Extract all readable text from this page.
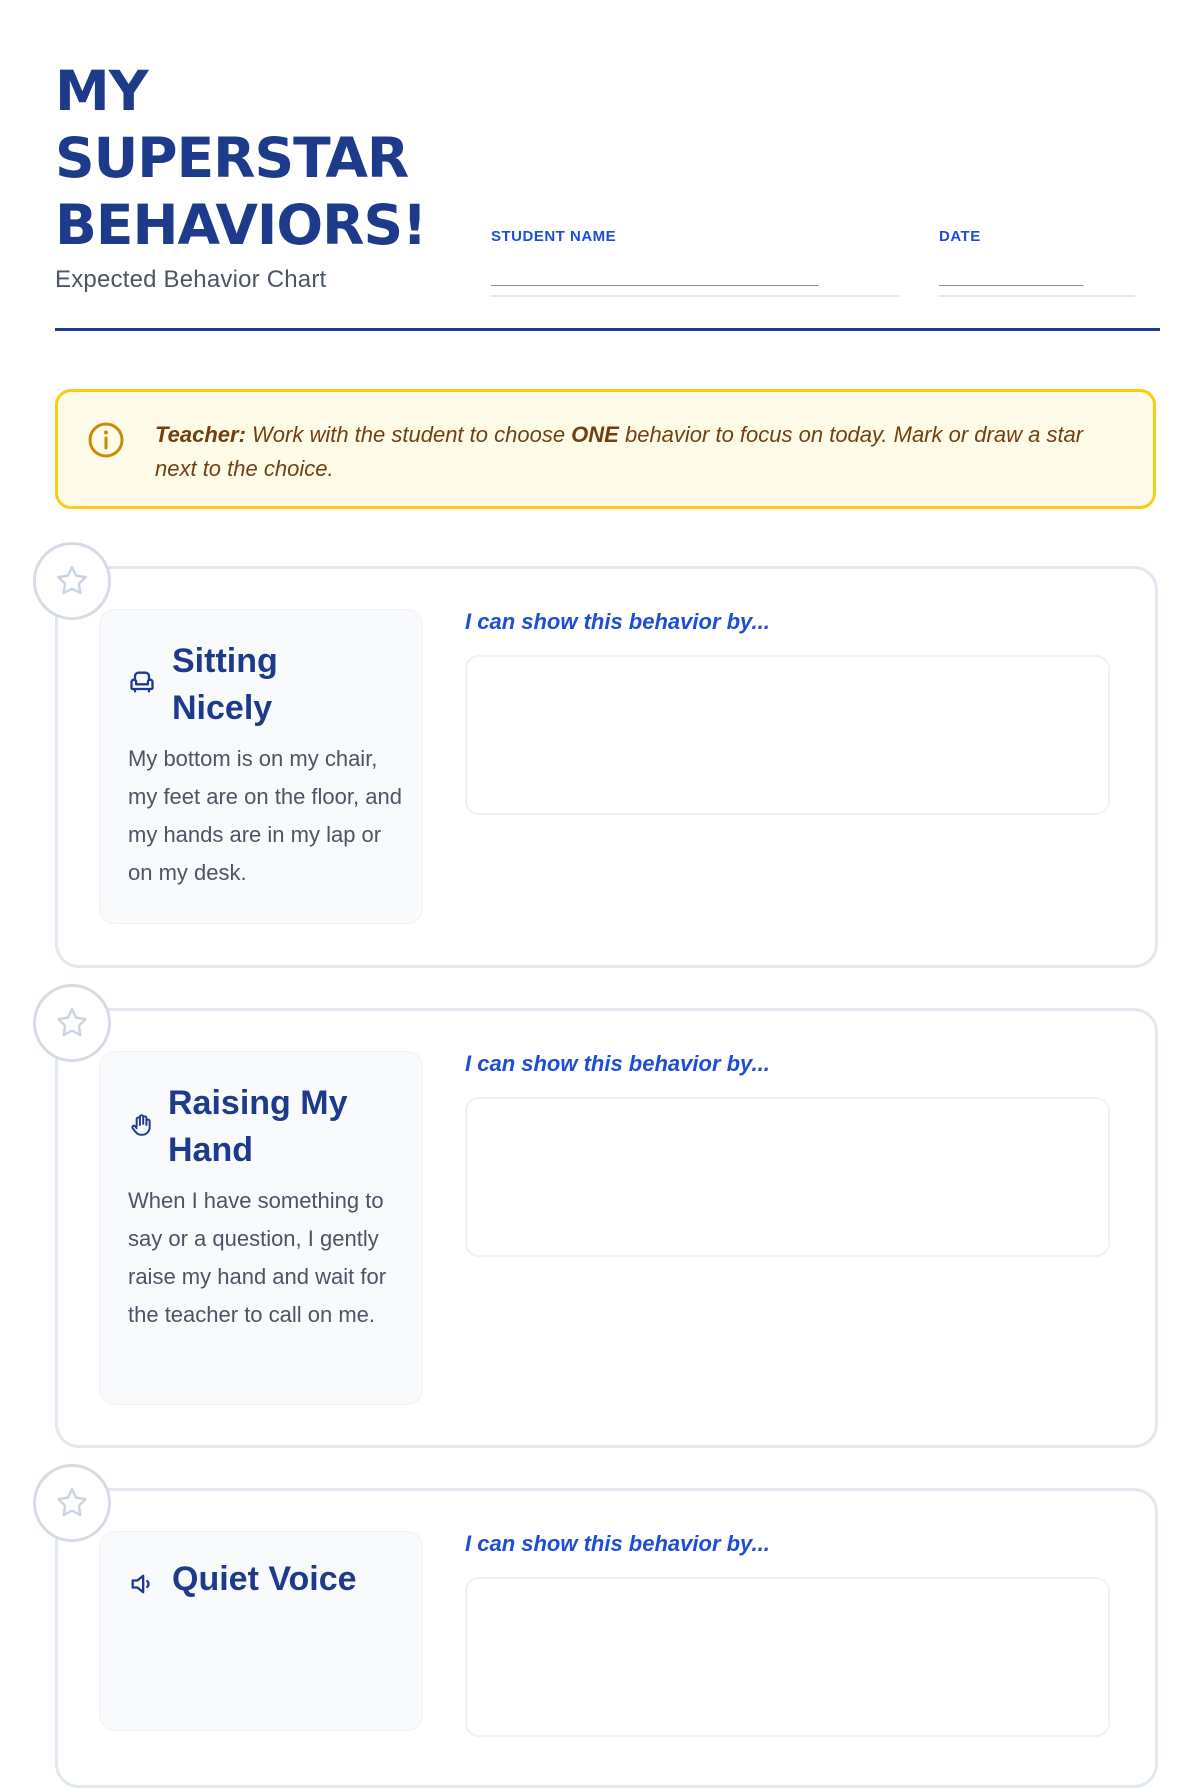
MY
SUPERSTAR
BEHAVIORS!
Expected Behavior Chart
STUDENT NAME
__________________________________
DATE
_______________
Teacher: Work with the student to choose ONE behavior to focus on today. Mark or draw a star next to the choice.
Sitting Nicely
My bottom is on my chair, my feet are on the floor, and my hands are in my lap or on my desk.
I can show this behavior by...
Raising My Hand
When I have something to say or a question, I gently raise my hand and wait for the teacher to call on me.
I can show this behavior by...
Quiet Voice
I can show this behavior by...
